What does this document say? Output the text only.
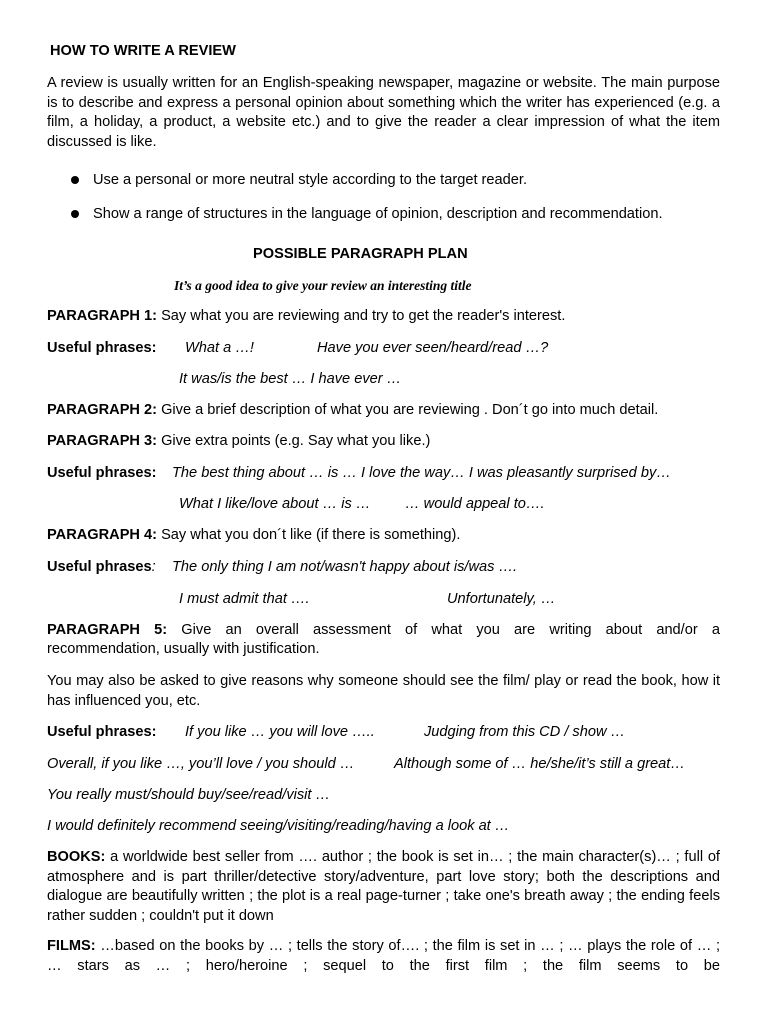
HOW TO WRITE A REVIEW
A review is usually written for an English-speaking newspaper, magazine or website. The main purpose is to describe and express a personal opinion about something which the writer has experienced (e.g. a film, a holiday, a product, a website etc.) and to give the reader a clear impression of what the item discussed is like.
Use a personal or more neutral style according to the target reader.
Show a range of structures in the language of opinion, description and recommendation.
POSSIBLE PARAGRAPH PLAN
It’s a good idea to give your review an interesting title
PARAGRAPH 1: Say what you are reviewing and try to get the reader's interest.
Useful phrases: What a …!	Have you ever seen/heard/read …?
It was/is the best … I have ever …
PARAGRAPH 2: Give a brief description of what you are reviewing . Don´t go into much detail.
PARAGRAPH 3: Give extra points (e.g. Say what you like.)
Useful phrases: The best thing about … is … I love the way… I was pleasantly surprised by…
What I like/love about … is … … would appeal to….
PARAGRAPH 4: Say what you don´t like (if there is something).
Useful phrases: The only thing I am not/wasn't happy about is/was ….
I must admit that ….	Unfortunately, …
PARAGRAPH 5: Give an overall assessment of what you are writing about and/or a
recommendation, usually with justification.
You may also be asked to give reasons why someone should see the film/ play or read the book, how it has influenced you, etc.
Useful phrases: If you like … you will love …..	Judging from this CD / show …
Overall, if you like …, you’ll love / you should …	Although some of … he/she/it’s still a great…
You really must/should buy/see/read/visit …
I would definitely recommend seeing/visiting/reading/having a look at …
BOOKS: a worldwide best seller from …. author ; the book is set in… ; the main character(s)… ; full of atmosphere and is part thriller/detective story/adventure, part love story; both the descriptions and dialogue are beautifully written ; the plot is a real page-turner ; take one's breath away ; the ending feels rather sudden ; couldn't put it down
FILMS: …based on the books by … ; tells the story of…. ; the film is set in … ; … plays the role of … ; … stars as … ; hero/heroine ; sequel to the first film ; the film seems to be
